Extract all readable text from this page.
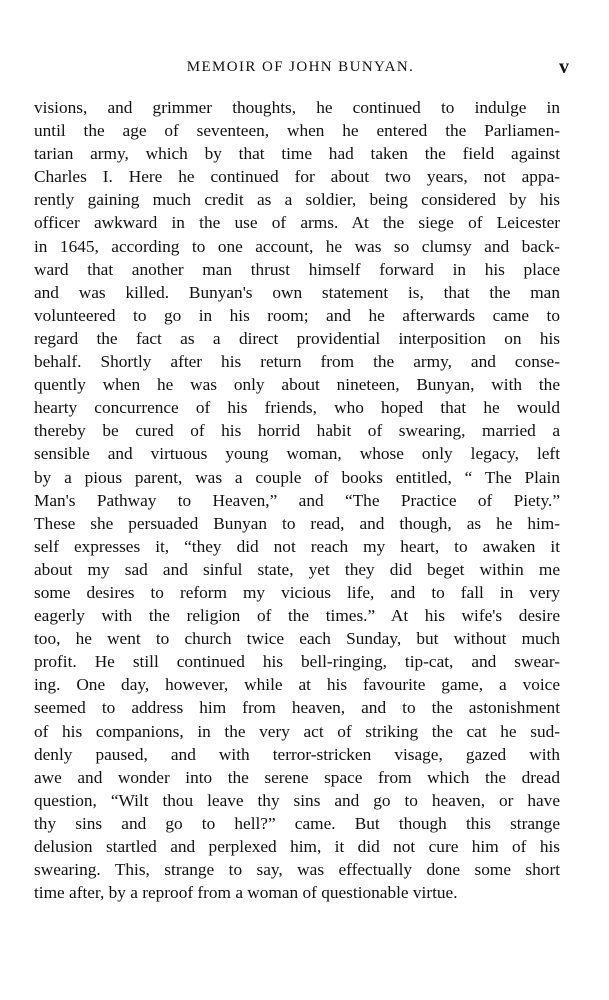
MEMOIR OF JOHN BUNYAN.	v
visions, and grimmer thoughts, he continued to indulge in
until the age of seventeen, when he entered the Parliamen-
tarian army, which by that time had taken the field against
Charles I. Here he continued for about two years, not appa-
rently gaining much credit as a soldier, being considered by his
officer awkward in the use of arms. At the siege of Leicester
in 1645, according to one account, he was so clumsy and back-
ward that another man thrust himself forward in his place
and was killed. Bunyan's own statement is, that the man
volunteered to go in his room; and he afterwards came to
regard the fact as a direct providential interposition on his
behalf. Shortly after his return from the army, and conse-
quently when he was only about nineteen, Bunyan, with the
hearty concurrence of his friends, who hoped that he would
thereby be cured of his horrid habit of swearing, married a
sensible and virtuous young woman, whose only legacy, left
by a pious parent, was a couple of books entitled, “ The Plain
Man's Pathway to Heaven,” and “The Practice of Piety.”
These she persuaded Bunyan to read, and though, as he him-
self expresses it, “they did not reach my heart, to awaken it
about my sad and sinful state, yet they did beget within me
some desires to reform my vicious life, and to fall in very
eagerly with the religion of the times.” At his wife's desire
too, he went to church twice each Sunday, but without much
profit. He still continued his bell-ringing, tip-cat, and swear-
ing. One day, however, while at his favourite game, a voice
seemed to address him from heaven, and to the astonishment
of his companions, in the very act of striking the cat he sud-
denly paused, and with terror-stricken visage, gazed with
awe and wonder into the serene space from which the dread
question, “Wilt thou leave thy sins and go to heaven, or have
thy sins and go to hell?” came. But though this strange
delusion startled and perplexed him, it did not cure him of his
swearing. This, strange to say, was effectually done some short
time after, by a reproof from a woman of questionable virtue.
